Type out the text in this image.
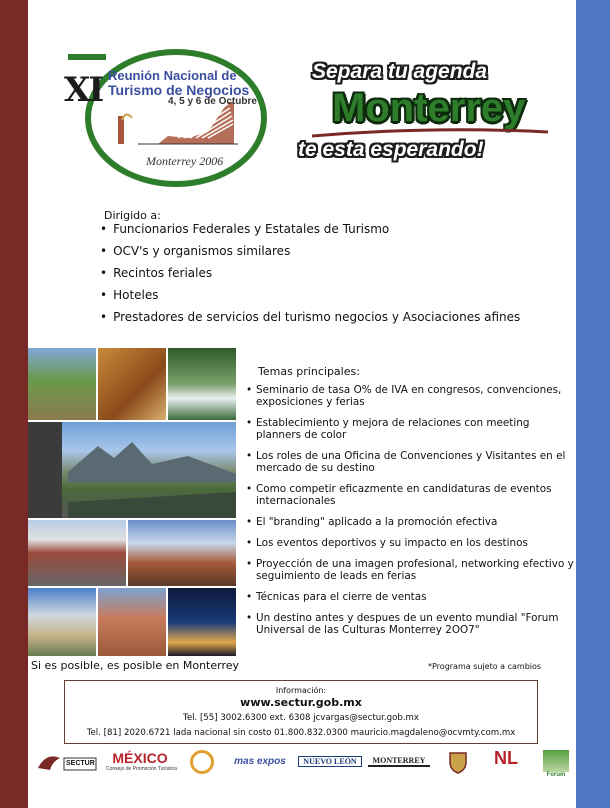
XI Reunión Nacional de
Turismo de Negocios
4, 5 y 6 de Octubre
Monterrey 2006
Separa tu agenda
Monterrey
te esta esperando!
Dirigido a:
• Funcionarios Federales y Estatales de Turismo
• OCV's y organismos similares
• Recintos feriales
• Hoteles
• Prestadores de servicios del turismo negocios y Asociaciones afines
Temas principales:
• Seminario de tasa O% de IVA en congresos, convenciones, exposiciones y ferias
• Establecimiento y mejora de relaciones con meeting planners de color
• Los roles de una Oficina de Convenciones y Visitantes en el mercado de su destino
• Como competir eficazmente en candidaturas de eventos internacionales
• El "branding" aplicado a la promoción efectiva
• Los eventos deportivos y su impacto en los destinos
• Proyección de una imagen profesional, networking efectivo y seguimiento de leads en ferias
• Técnicas para el cierre de ventas
• Un destino antes y despues de un evento mundial "Forum Universal de las Culturas Monterrey 2OO7"
Si es posible, es posible en Monterrey	*Programa sujeto a cambios
Información:
www.sectur.gob.mx
Tel. [55] 3002.6300 ext. 6308 jcvargas@sectur.gob.mx
Tel. [81] 2020.6721 lada nacional sin costo 01.800.832.0300 mauricio.magdaleno@ocvmty.com.mx
SECTUR	MÉXICO
Consejo de Promoción Turística
mas expos	NUEVO LEÓN	MONTERREY	NL
Forum
